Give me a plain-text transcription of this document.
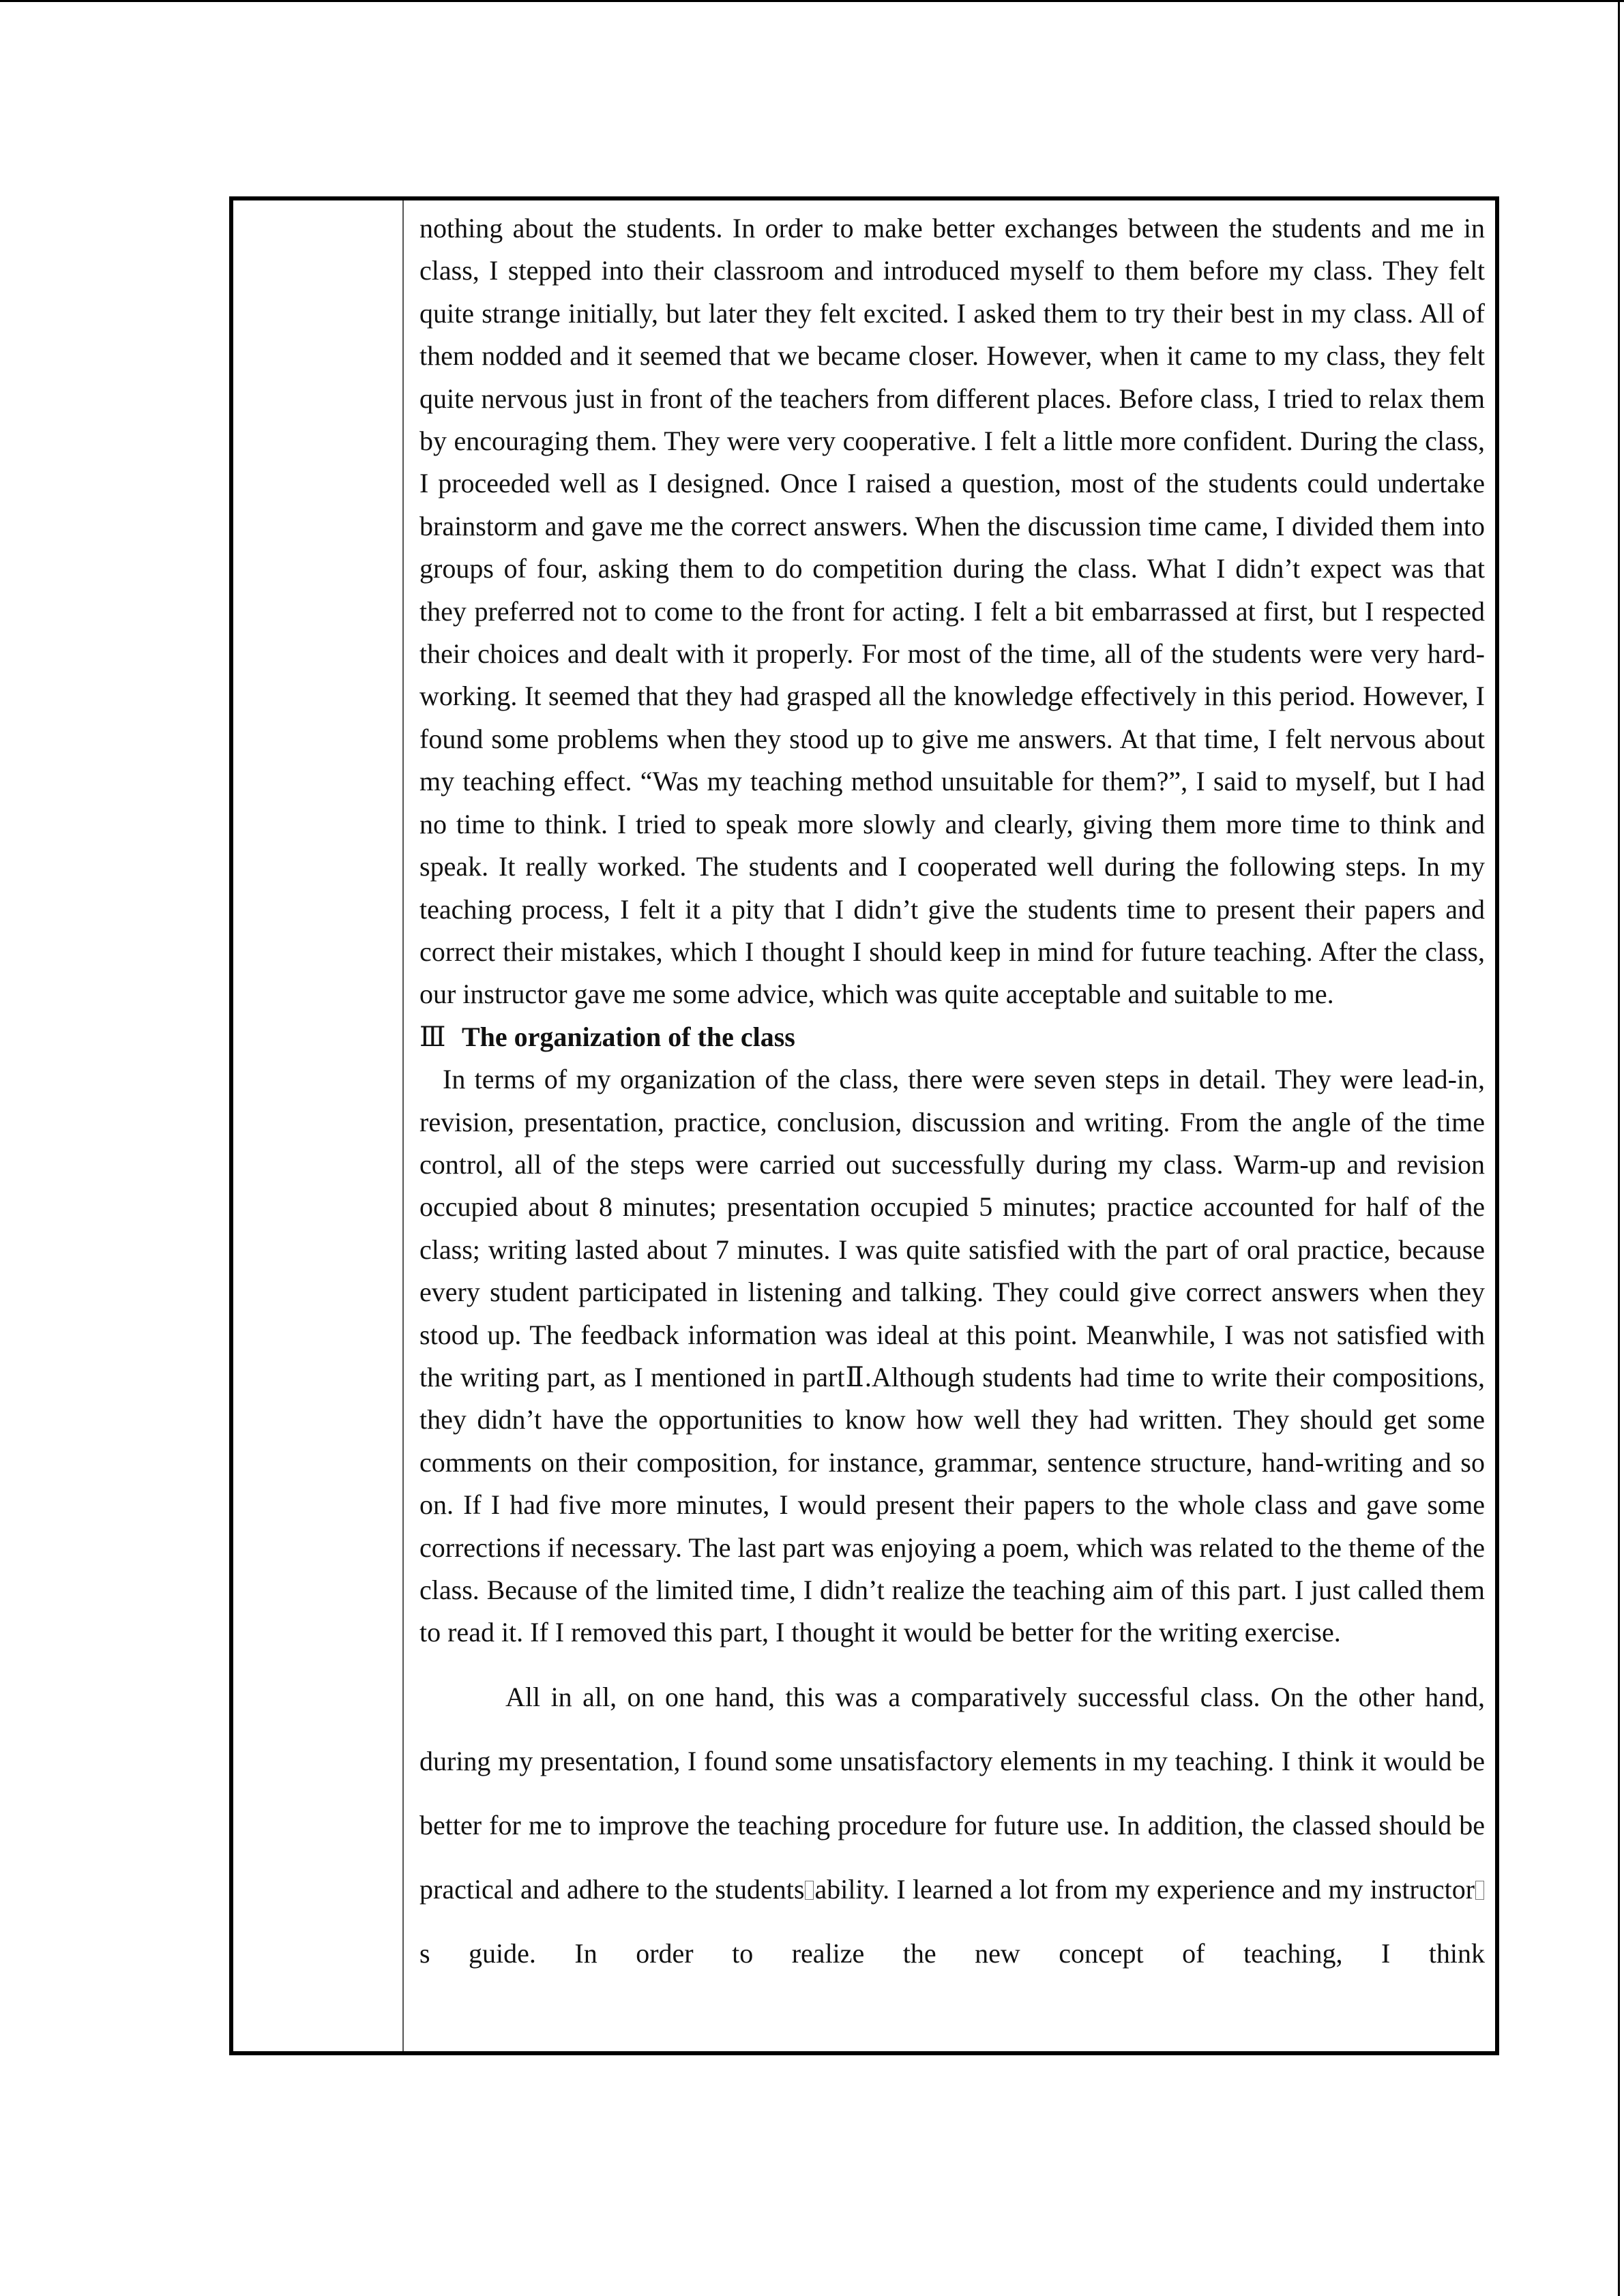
nothing about the students. In order to make better exchanges between the students and me in class, I stepped into their classroom and introduced myself to them before my class. They felt quite strange initially, but later they felt excited. I asked them to try their best in my class. All of them nodded and it seemed that we became closer. However, when it came to my class, they felt quite nervous just in front of the teachers from different places. Before class, I tried to relax them by encouraging them. They were very cooperative. I felt a little more confident. During the class, I proceeded well as I designed. Once I raised a question, most of the students could undertake brainstorm and gave me the correct answers. When the discussion time came, I divided them into groups of four, asking them to do competition during the class. What I didn’t expect was that they preferred not to come to the front for acting. I felt a bit embarrassed at first, but I respected their choices and dealt with it properly. For most of the time, all of the students were very hard-working. It seemed that they had grasped all the knowledge effectively in this period. However, I found some problems when they stood up to give me answers. At that time, I felt nervous about my teaching effect. “Was my teaching method unsuitable for them?”, I said to myself, but I had no time to think. I tried to speak more slowly and clearly, giving them more time to think and speak. It really worked. The students and I cooperated well during the following steps. In my teaching process, I felt it a pity that I didn’t give the students time to present their papers and correct their mistakes, which I thought I should keep in mind for future teaching. After the class, our instructor gave me some advice, which was quite acceptable and suitable to me.

Ⅲ The organization of the class

In terms of my organization of the class, there were seven steps in detail. They were lead-in, revision, presentation, practice, conclusion, discussion and writing. From the angle of the time control, all of the steps were carried out successfully during my class. Warm-up and revision occupied about 8 minutes; presentation occupied 5 minutes; practice accounted for half of the class; writing lasted about 7 minutes. I was quite satisfied with the part of oral practice, because every student participated in listening and talking. They could give correct answers when they stood up. The feedback information was ideal at this point. Meanwhile, I was not satisfied with the writing part, as I mentioned in partⅡ.Although students had time to write their compositions, they didn’t have the opportunities to know how well they had written. They should get some comments on their composition, for instance, grammar, sentence structure, hand-writing and so on. If I had five more minutes, I would present their papers to the whole class and gave some corrections if necessary. The last part was enjoying a poem, which was related to the theme of the class. Because of the limited time, I didn’t realize the teaching aim of this part. I just called them to read it. If I removed this part, I thought it would be better for the writing exercise.

All in all, on one hand, this was a comparatively successful class. On the other hand, during my presentation, I found some unsatisfactory elements in my teaching. I think it would be better for me to improve the teaching procedure for future use. In addition, the classed should be practical and adhere to the students ability. I learned a lot from my experience and my instructors guide. In order to realize the new concept of teaching, I think
